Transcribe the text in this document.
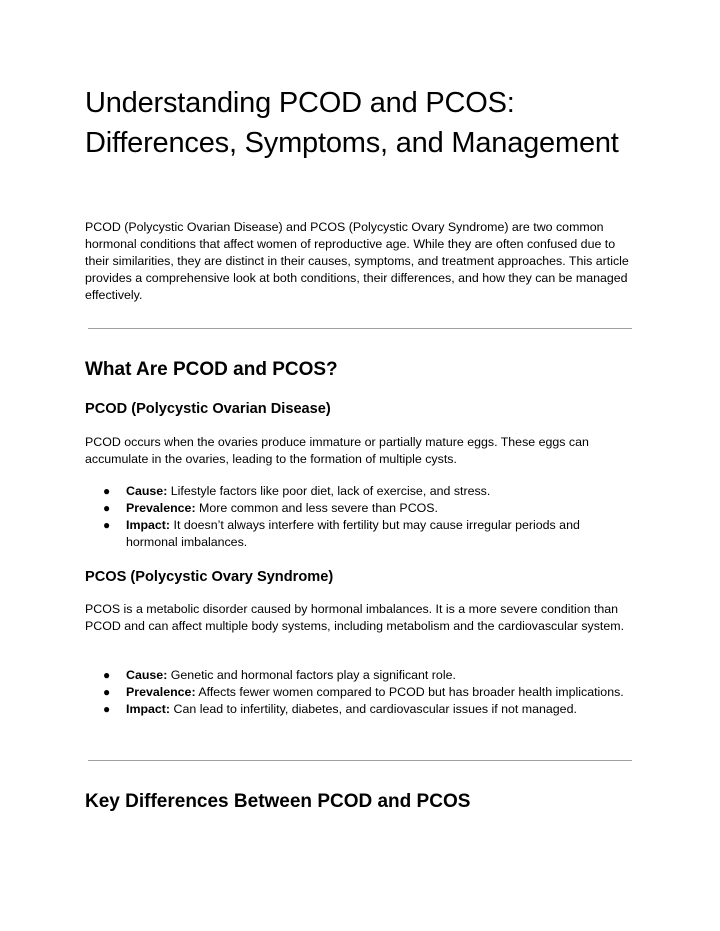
Understanding PCOD and PCOS: Differences, Symptoms, and Management

PCOD (Polycystic Ovarian Disease) and PCOS (Polycystic Ovary Syndrome) are two common hormonal conditions that affect women of reproductive age. While they are often confused due to their similarities, they are distinct in their causes, symptoms, and treatment approaches. This article provides a comprehensive look at both conditions, their differences, and how they can be managed effectively.

What Are PCOD and PCOS?
PCOD (Polycystic Ovarian Disease)

PCOD occurs when the ovaries produce immature or partially mature eggs. These eggs can accumulate in the ovaries, leading to the formation of multiple cysts.

● Cause: Lifestyle factors like poor diet, lack of exercise, and stress.
● Prevalence: More common and less severe than PCOS.
● Impact: It doesn’t always interfere with fertility but may cause irregular periods and hormonal imbalances.
PCOS (Polycystic Ovary Syndrome)

PCOS is a metabolic disorder caused by hormonal imbalances. It is a more severe condition than PCOD and can affect multiple body systems, including metabolism and the cardiovascular system.

● Cause: Genetic and hormonal factors play a significant role.
● Prevalence: Affects fewer women compared to PCOD but has broader health implications.
● Impact: Can lead to infertility, diabetes, and cardiovascular issues if not managed.
Key Differences Between PCOD and PCOS
